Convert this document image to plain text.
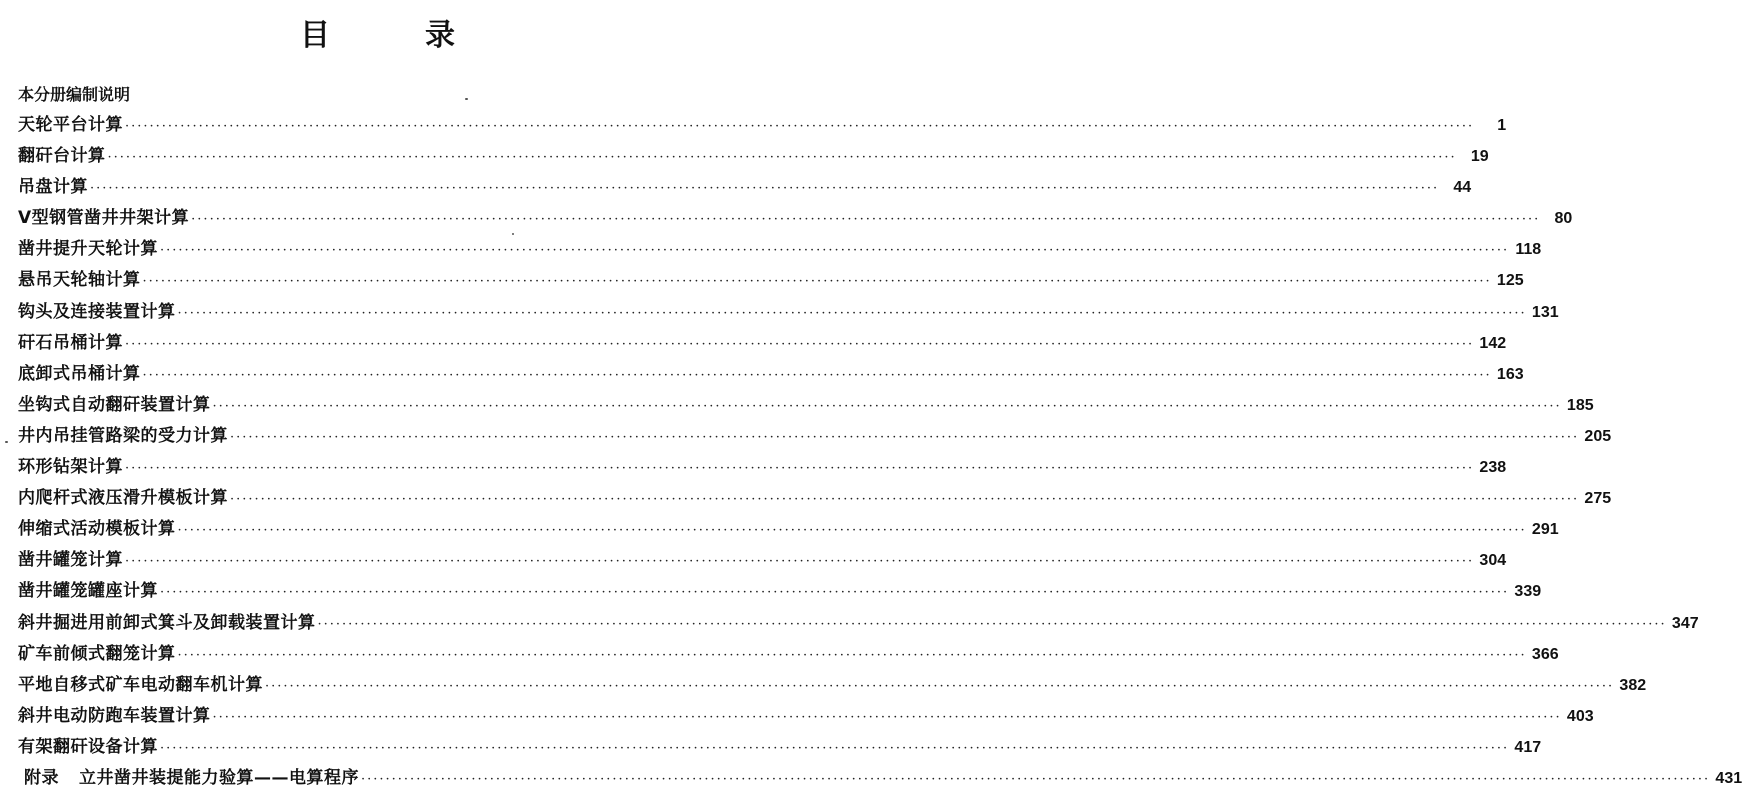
目	录
本分册编制说明
天轮平台计算 ····························································································································································································································	1
翻矸台计算 ···························································································································································································································· 19
吊盘计算 ···························································································································································································································· 44
V型钢管凿井井架计算 ···························································································································································································································· 80
凿井提升天轮计算 ···························································································································································································································· 118
悬吊天轮轴计算 ···························································································································································································································· 125
钩头及连接装置计算 ···························································································································································································································· 131
矸石吊桶计算 ···························································································································································································································· 142
底卸式吊桶计算 ···························································································································································································································· 163
坐钩式自动翻矸装置计算 ···························································································································································································································· 185
井内吊挂管路梁的受力计算 ···························································································································································································································· 205
环形钻架计算 ···························································································································································································································· 238
内爬杆式液压滑升模板计算 ···························································································································································································································· 275
伸缩式活动模板计算 ···························································································································································································································· 291
凿井罐笼计算 ···························································································································································································································· 304
凿井罐笼罐座计算 ···························································································································································································································· 339
斜井掘进用前卸式箕斗及卸载装置计算 ···························································································································································································································· 347
矿车前倾式翻笼计算 ···························································································································································································································· 366
平地自移式矿车电动翻车机计算 ···························································································································································································································· 382
斜井电动防跑车装置计算 ···························································································································································································································· 403
有架翻矸设备计算 ···························································································································································································································· 417
附录 立井凿井装提能力验算——电算程序 ···························································································································································································································· 431
